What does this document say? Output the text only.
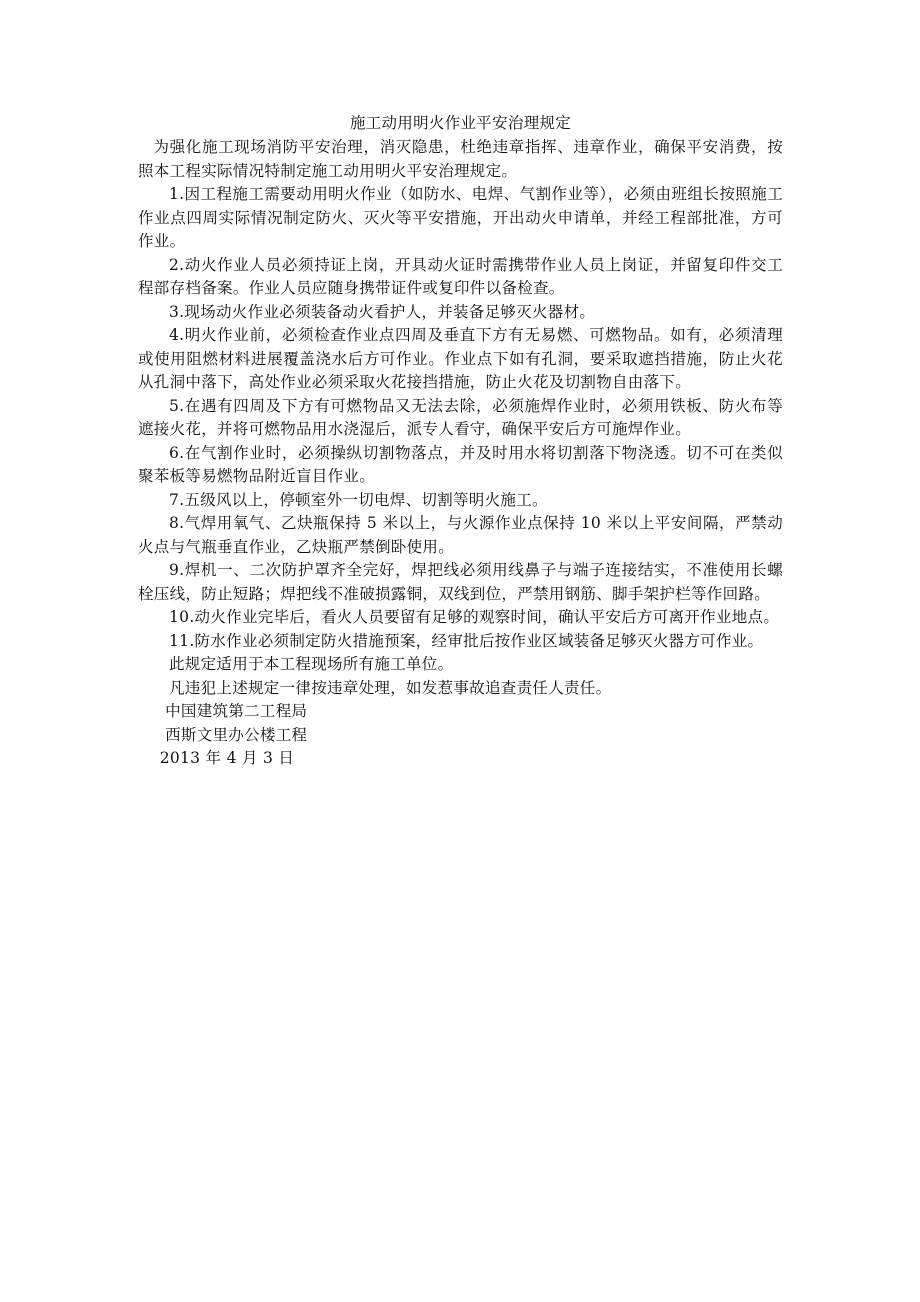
施工动用明火作业平安治理规定

为强化施工现场消防平安治理，消灭隐患，杜绝违章指挥、违章作业，确保平安消费，按照本工程实际情况特制定施工动用明火平安治理规定。

1.因工程施工需要动用明火作业（如防水、电焊、气割作业等），必须由班组长按照施工作业点四周实际情况制定防火、灭火等平安措施，开出动火申请单，并经工程部批准，方可作业。

2.动火作业人员必须持证上岗，开具动火证时需携带作业人员上岗证，并留复印件交工程部存档备案。作业人员应随身携带证件或复印件以备检查。

3.现场动火作业必须装备动火看护人，并装备足够灭火器材。

4.明火作业前，必须检查作业点四周及垂直下方有无易燃、可燃物品。如有，必须清理或使用阻燃材料进展覆盖浇水后方可作业。作业点下如有孔洞，要采取遮挡措施，防止火花从孔洞中落下，高处作业必须采取火花接挡措施，防止火花及切割物自由落下。

5.在遇有四周及下方有可燃物品又无法去除，必须施焊作业时，必须用铁板、防火布等遮接火花，并将可燃物品用水浇湿后，派专人看守，确保平安后方可施焊作业。

6.在气割作业时，必须操纵切割物落点，并及时用水将切割落下物浇透。切不可在类似聚苯板等易燃物品附近盲目作业。

7.五级风以上，停顿室外一切电焊、切割等明火施工。

8.气焊用氧气、乙炔瓶保持 5 米以上，与火源作业点保持 10 米以上平安间隔，严禁动火点与气瓶垂直作业，乙炔瓶严禁倒卧使用。

9.焊机一、二次防护罩齐全完好，焊把线必须用线鼻子与端子连接结实，不准使用长螺栓压线，防止短路；焊把线不准破损露铜，双线到位，严禁用钢筋、脚手架护栏等作回路。

10.动火作业完毕后，看火人员要留有足够的观察时间，确认平安后方可离开作业地点。

11.防水作业必须制定防火措施预案，经审批后按作业区域装备足够灭火器方可作业。

此规定适用于本工程现场所有施工单位。

凡违犯上述规定一律按违章处理，如发惹事故追查责任人责任。

中国建筑第二工程局

西斯文里办公楼工程

2013 年 4 月 3 日
